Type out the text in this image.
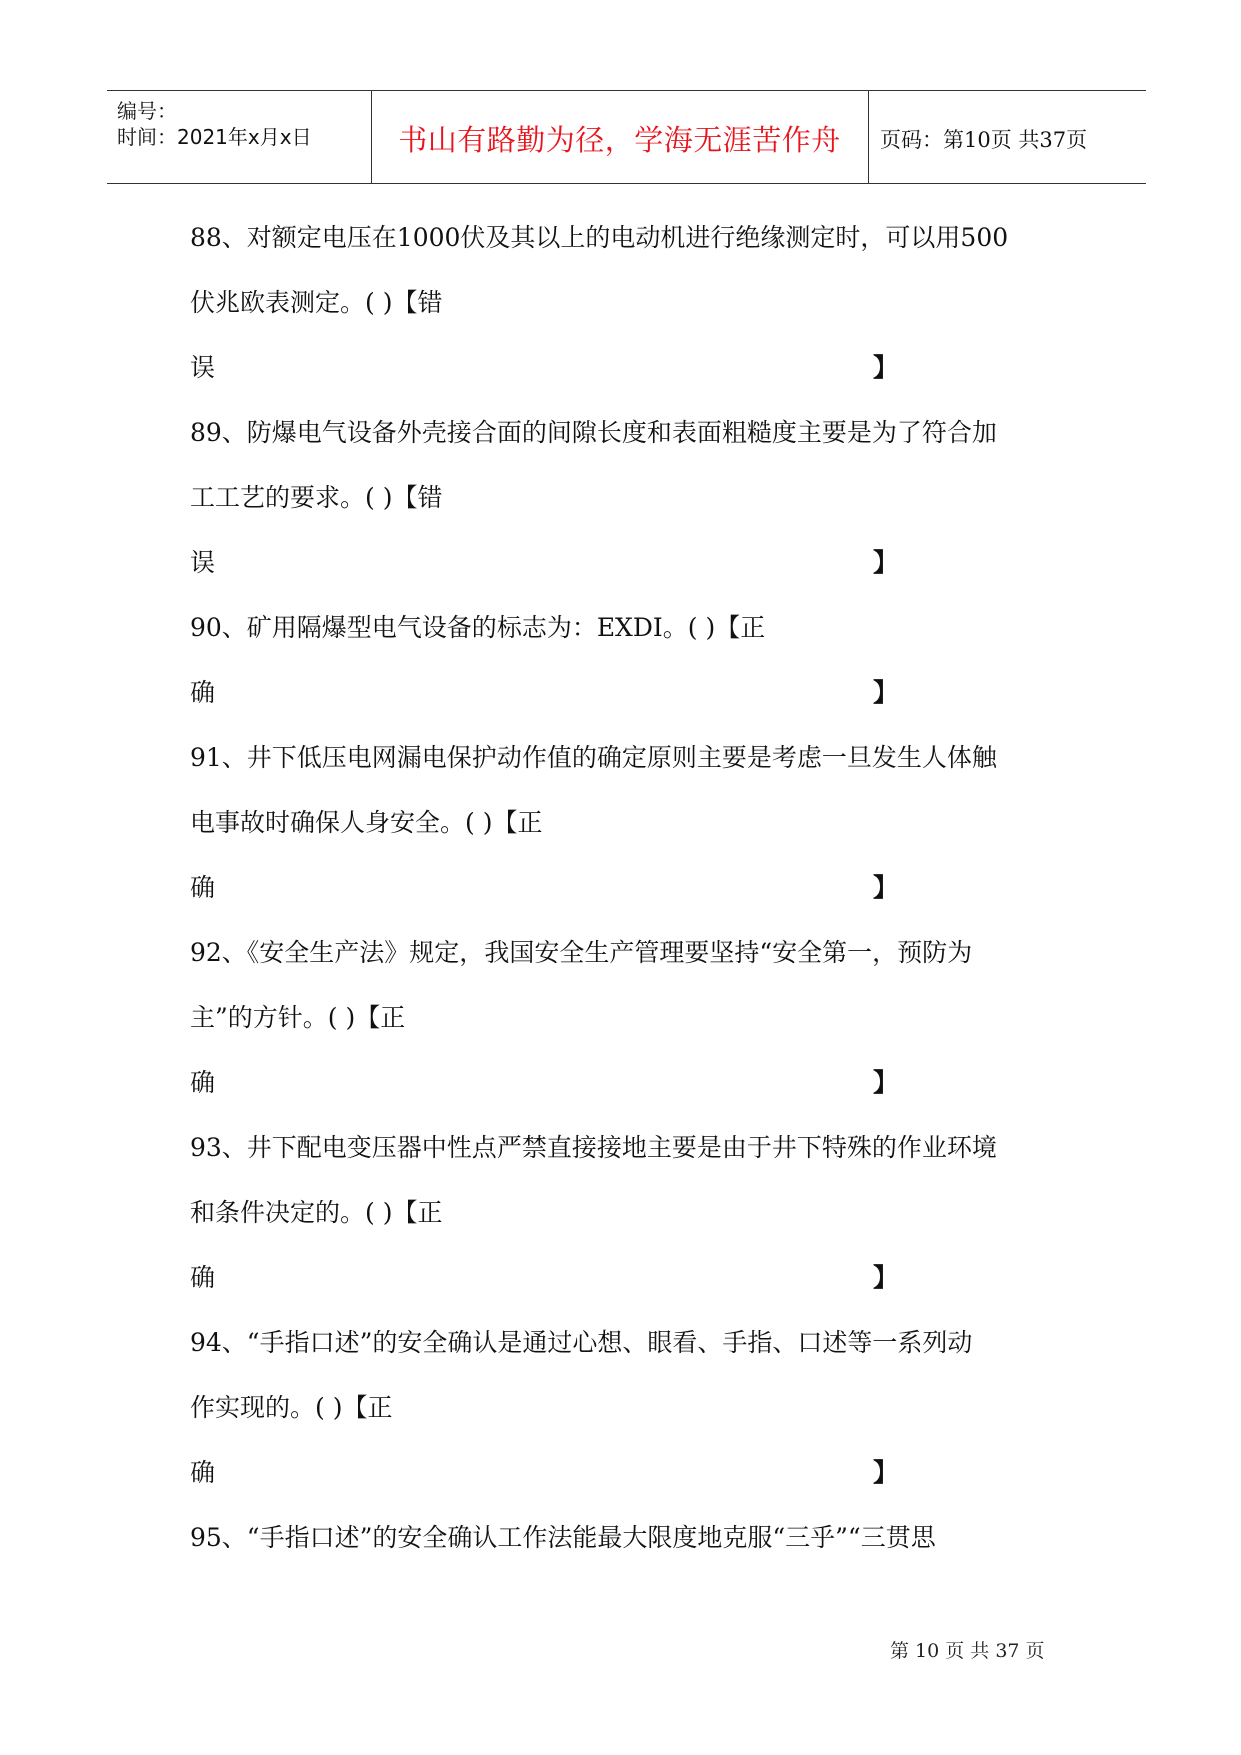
编号：
时间：2021年x月x日	书山有路勤为径，学海无涯苦作舟	页码：第10页 共37页
88、对额定电压在1000伏及其以上的电动机进行绝缘测定时，可以用500
伏兆欧表测定。( )【错
误	】
89、防爆电气设备外壳接合面的间隙长度和表面粗糙度主要是为了符合加
工工艺的要求。( )【错
误	】
90、矿用隔爆型电气设备的标志为：EXDI。( )【正
确	】
91、井下低压电网漏电保护动作值的确定原则主要是考虑一旦发生人体触
电事故时确保人身安全。( )【正
确	】
92、《安全生产法》规定，我国安全生产管理要坚持“安全第一，预防为
主”的方针。( )【正
确	】
93、井下配电变压器中性点严禁直接接地主要是由于井下特殊的作业环境
和条件决定的。( )【正
确	】
94、“手指口述”的安全确认是通过心想、眼看、手指、口述等一系列动
作实现的。( )【正
确	】
95、“手指口述”的安全确认工作法能最大限度地克服“三乎”“三贯思
第 10 页 共 37 页
